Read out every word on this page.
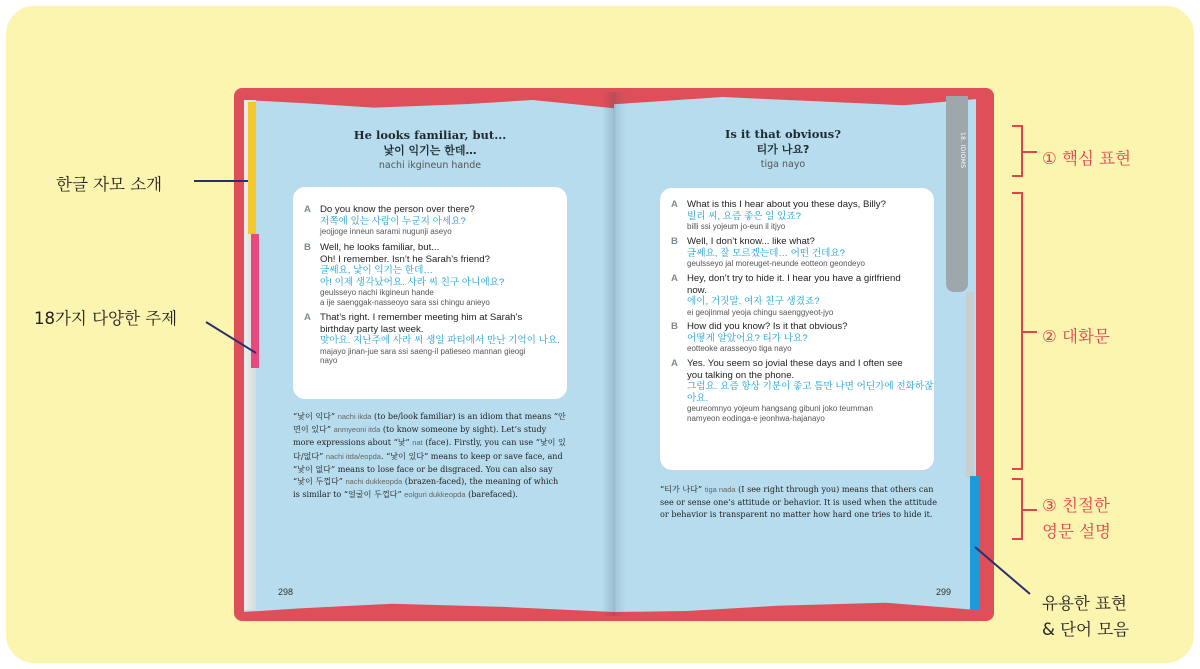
18. IDIOMS
He looks familiar, but...
낯이 익기는 한데…
nachi ikgineun hande
A Do you know the person over there?
저쪽에 있는 사람이 누군지 아세요?
jeojjoge inneun sarami nugunji aseyo
B Well, he looks familiar, but...
Oh! I remember. Isn’t he Sarah’s friend?
글쎄요, 낯이 익기는 한데…
아! 이제 생각났어요. 사라 씨 친구 아니에요?
geulsseyo nachi ikgineun hande
a ije saenggak-nasseoyo sara ssi chingu anieyo
A That’s right. I remember meeting him at Sarah’s
birthday party last week.
맞아요. 지난주에 사라 씨 생일 파티에서 만난 기억이 나요.
majayo jinan-jue sara ssi saeng-il patieseo mannan gieogi
nayo
“낯이 익다” nachi ikda (to be/look familiar) is an idiom that means “안면이 있다” anmyeoni itda (to know someone by sight). Let’s study more expressions about “낯” nat (face). Firstly, you can use “낯이 있다/없다” nachi itda/eopda. “낯이 있다” means to keep or save face, and “낯이 없다” means to lose face or be disgraced. You can also say “낯이 두껍다” nachi dukkeopda (brazen-faced), the meaning of which is similar to “얼굴이 두껍다” eolguri dukkeopda (barefaced).
298
Is it that obvious?
티가 나요?
tiga nayo
A What is this I hear about you these days, Billy?
빌리 씨, 요즘 좋은 일 있죠?
billi ssi yojeum jo-eun il itjyo
B Well, I don’t know... like what?
글쎄요, 잘 모르겠는데… 어떤 건데요?
geulsseyo jal moreuget-neunde eotteon geondeyo
A Hey, don’t try to hide it. I hear you have a girlfriend
now.
에이, 거짓말. 여자 친구 생겼죠?
ei geojinmal yeoja chingu saenggyeot-jyo
B How did you know? Is it that obvious?
어떻게 알았어요? 티가 나요?
eotteoke arasseoyo tiga nayo
A Yes. You seem so jovial these days and I often see
you talking on the phone.
그럼요. 요즘 항상 기분이 좋고 틈만 나면 어딘가에 전화하잖
아요.
geureomnyo yojeum hangsang gibuni joko teumman
namyeon eodinga-e jeonhwa-hajanayo
“티가 나다” tiga nada (I see right through you) means that others can see or sense one’s attitude or behavior. It is used when the attitude or behavior is transparent no matter how hard one tries to hide it.
299
한글 자모 소개
18가지 다양한 주제
① 핵심 표현
② 대화문
③ 친절한
영문 설명
유용한 표현
& 단어 모음
